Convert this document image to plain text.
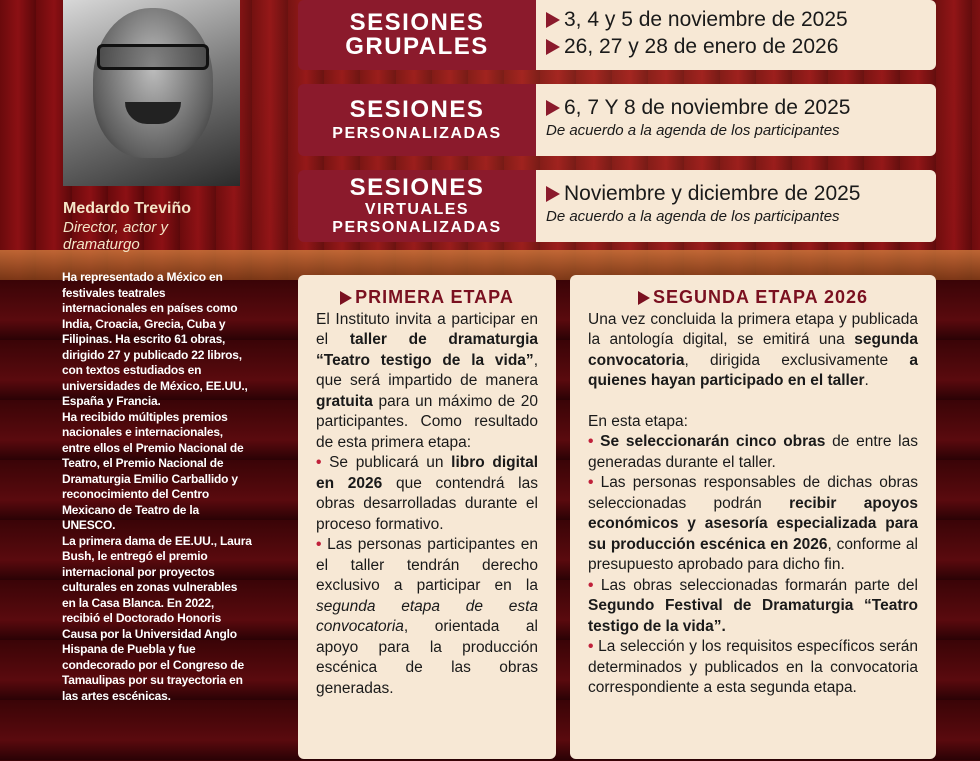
Medardo Treviño
Director, actor y dramaturgo

Ha representado a México en festivales teatrales internacionales en países como India, Croacia, Grecia, Cuba y Filipinas. Ha escrito 61 obras, dirigido 27 y publicado 22 libros, con textos estudiados en universidades de México, EE.UU., España y Francia.

Ha recibido múltiples premios nacionales e internacionales, entre ellos el Premio Nacional de Teatro, el Premio Nacional de Dramaturgia Emilio Carballido y reconocimiento del Centro Mexicano de Teatro de la UNESCO.

La primera dama de EE.UU., Laura Bush, le entregó el premio internacional por proyectos culturales en zonas vulnerables en la Casa Blanca. En 2022, recibió el Doctorado Honoris Causa por la Universidad Anglo Hispana de Puebla y fue condecorado por el Congreso de Tamaulipas por su trayectoria en las artes escénicas.

SESIONES
GRUPALES
3, 4 y 5 de noviembre de 2025
26, 27 y 28 de enero de 2026
SESIONES
PERSONALIZADAS
6, 7 Y 8 de noviembre de 2025
De acuerdo a la agenda de los participantes
SESIONES
VIRTUALES
PERSONALIZADAS
Noviembre y diciembre de 2025
De acuerdo a la agenda de los participantes
PRIMERA ETAPA

El Instituto invita a participar en el taller de dramaturgia “Teatro testigo de la vida”, que será impartido de manera gratuita para un máximo de 20 participantes. Como resultado de esta primera etapa:

• Se publicará un libro digital en 2026 que contendrá las obras desarrolladas durante el proceso formativo.

• Las personas participantes en el taller tendrán derecho exclusivo a participar en la segunda etapa de esta convocatoria, orientada al apoyo para la producción escénica de las obras generadas.

SEGUNDA ETAPA 2026

Una vez concluida la primera etapa y publicada la antología digital, se emitirá una segunda convocatoria, dirigida exclusivamente a quienes hayan participado en el taller.

En esta etapa:

• Se seleccionarán cinco obras de entre las generadas durante el taller.

• Las personas responsables de dichas obras seleccionadas podrán recibir apoyos económicos y asesoría especializada para su producción escénica en 2026, conforme al presupuesto aprobado para dicho fin.

• Las obras seleccionadas formarán parte del Segundo Festival de Dramaturgia “Teatro testigo de la vida”.

• La selección y los requisitos específicos serán determinados y publicados en la convocatoria correspondiente a esta segunda etapa.
